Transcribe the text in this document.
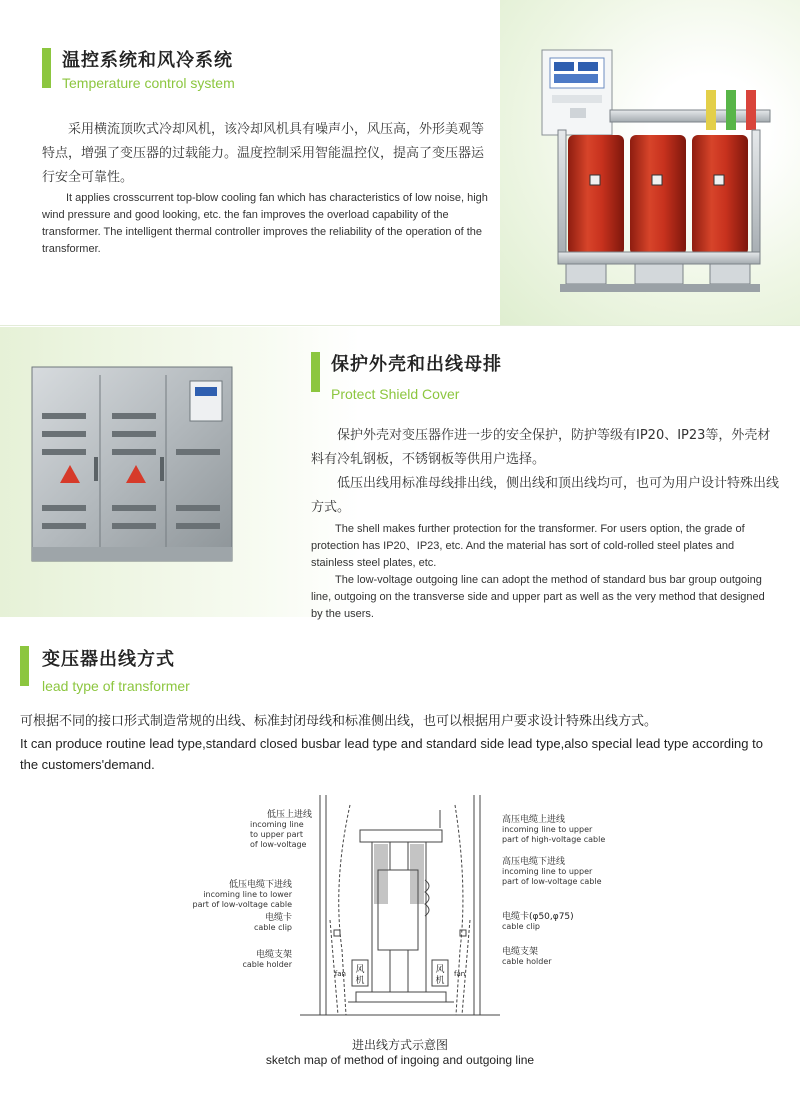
温控系统和风冷系统
Temperature control system

采用横流顶吹式冷却风机，该冷却风机具有噪声小，风压高，外形美观等特点，增强了变压器的过载能力。温度控制采用智能温控仪，提高了变压器运行安全可靠性。

It applies crosscurrent top-blow cooling fan which has characteristics of low noise, high wind pressure and good looking, etc. the fan improves the overload capability of the transformer. The intelligent thermal controller improves the reliability of the operation of the transformer.

保护外壳和出线母排
Protect Shield Cover

保护外壳对变压器作进一步的安全保护，防护等级有IP20、IP23等，外壳材料有冷轧钢板，不锈钢板等供用户选择。

低压出线用标准母线排出线，侧出线和顶出线均可，也可为用户设计特殊出线方式。

The shell makes further protection for the transformer. For users option, the grade of protection has IP20、IP23, etc. And the material has sort of cold-rolled steel plates and stainless steel plates, etc.

The low-voltage outgoing line can adopt the method of standard bus bar group outgoing line, outgoing on the transverse side and upper part as well as the very method that designed by the users.

变压器出线方式
lead type of transformer
可根据不同的接口形式制造常规的出线、标准封闭母线和标准侧出线，也可以根据用户要求设计特殊出线方式。
It can produce routine lead type,standard closed busbar lead type and standard side lead type,also special lead type according to the customers'demand.
风
机
风
机
fan	fan
低压上进线
incoming line
to upper part
of low-voltage
低压电缆下进线
incoming line to lower
part of low-voltage cable
电缆卡
cable clip
电缆支架
cable holder
高压电缆上进线
incoming line to upper
part of high-voltage cable
高压电缆下进线
incoming line to upper
part of low-voltage cable
电缆卡(φ50,φ75)
cable clip
电缆支架
cable holder
进出线方式示意图
sketch map of method of ingoing and outgoing line
